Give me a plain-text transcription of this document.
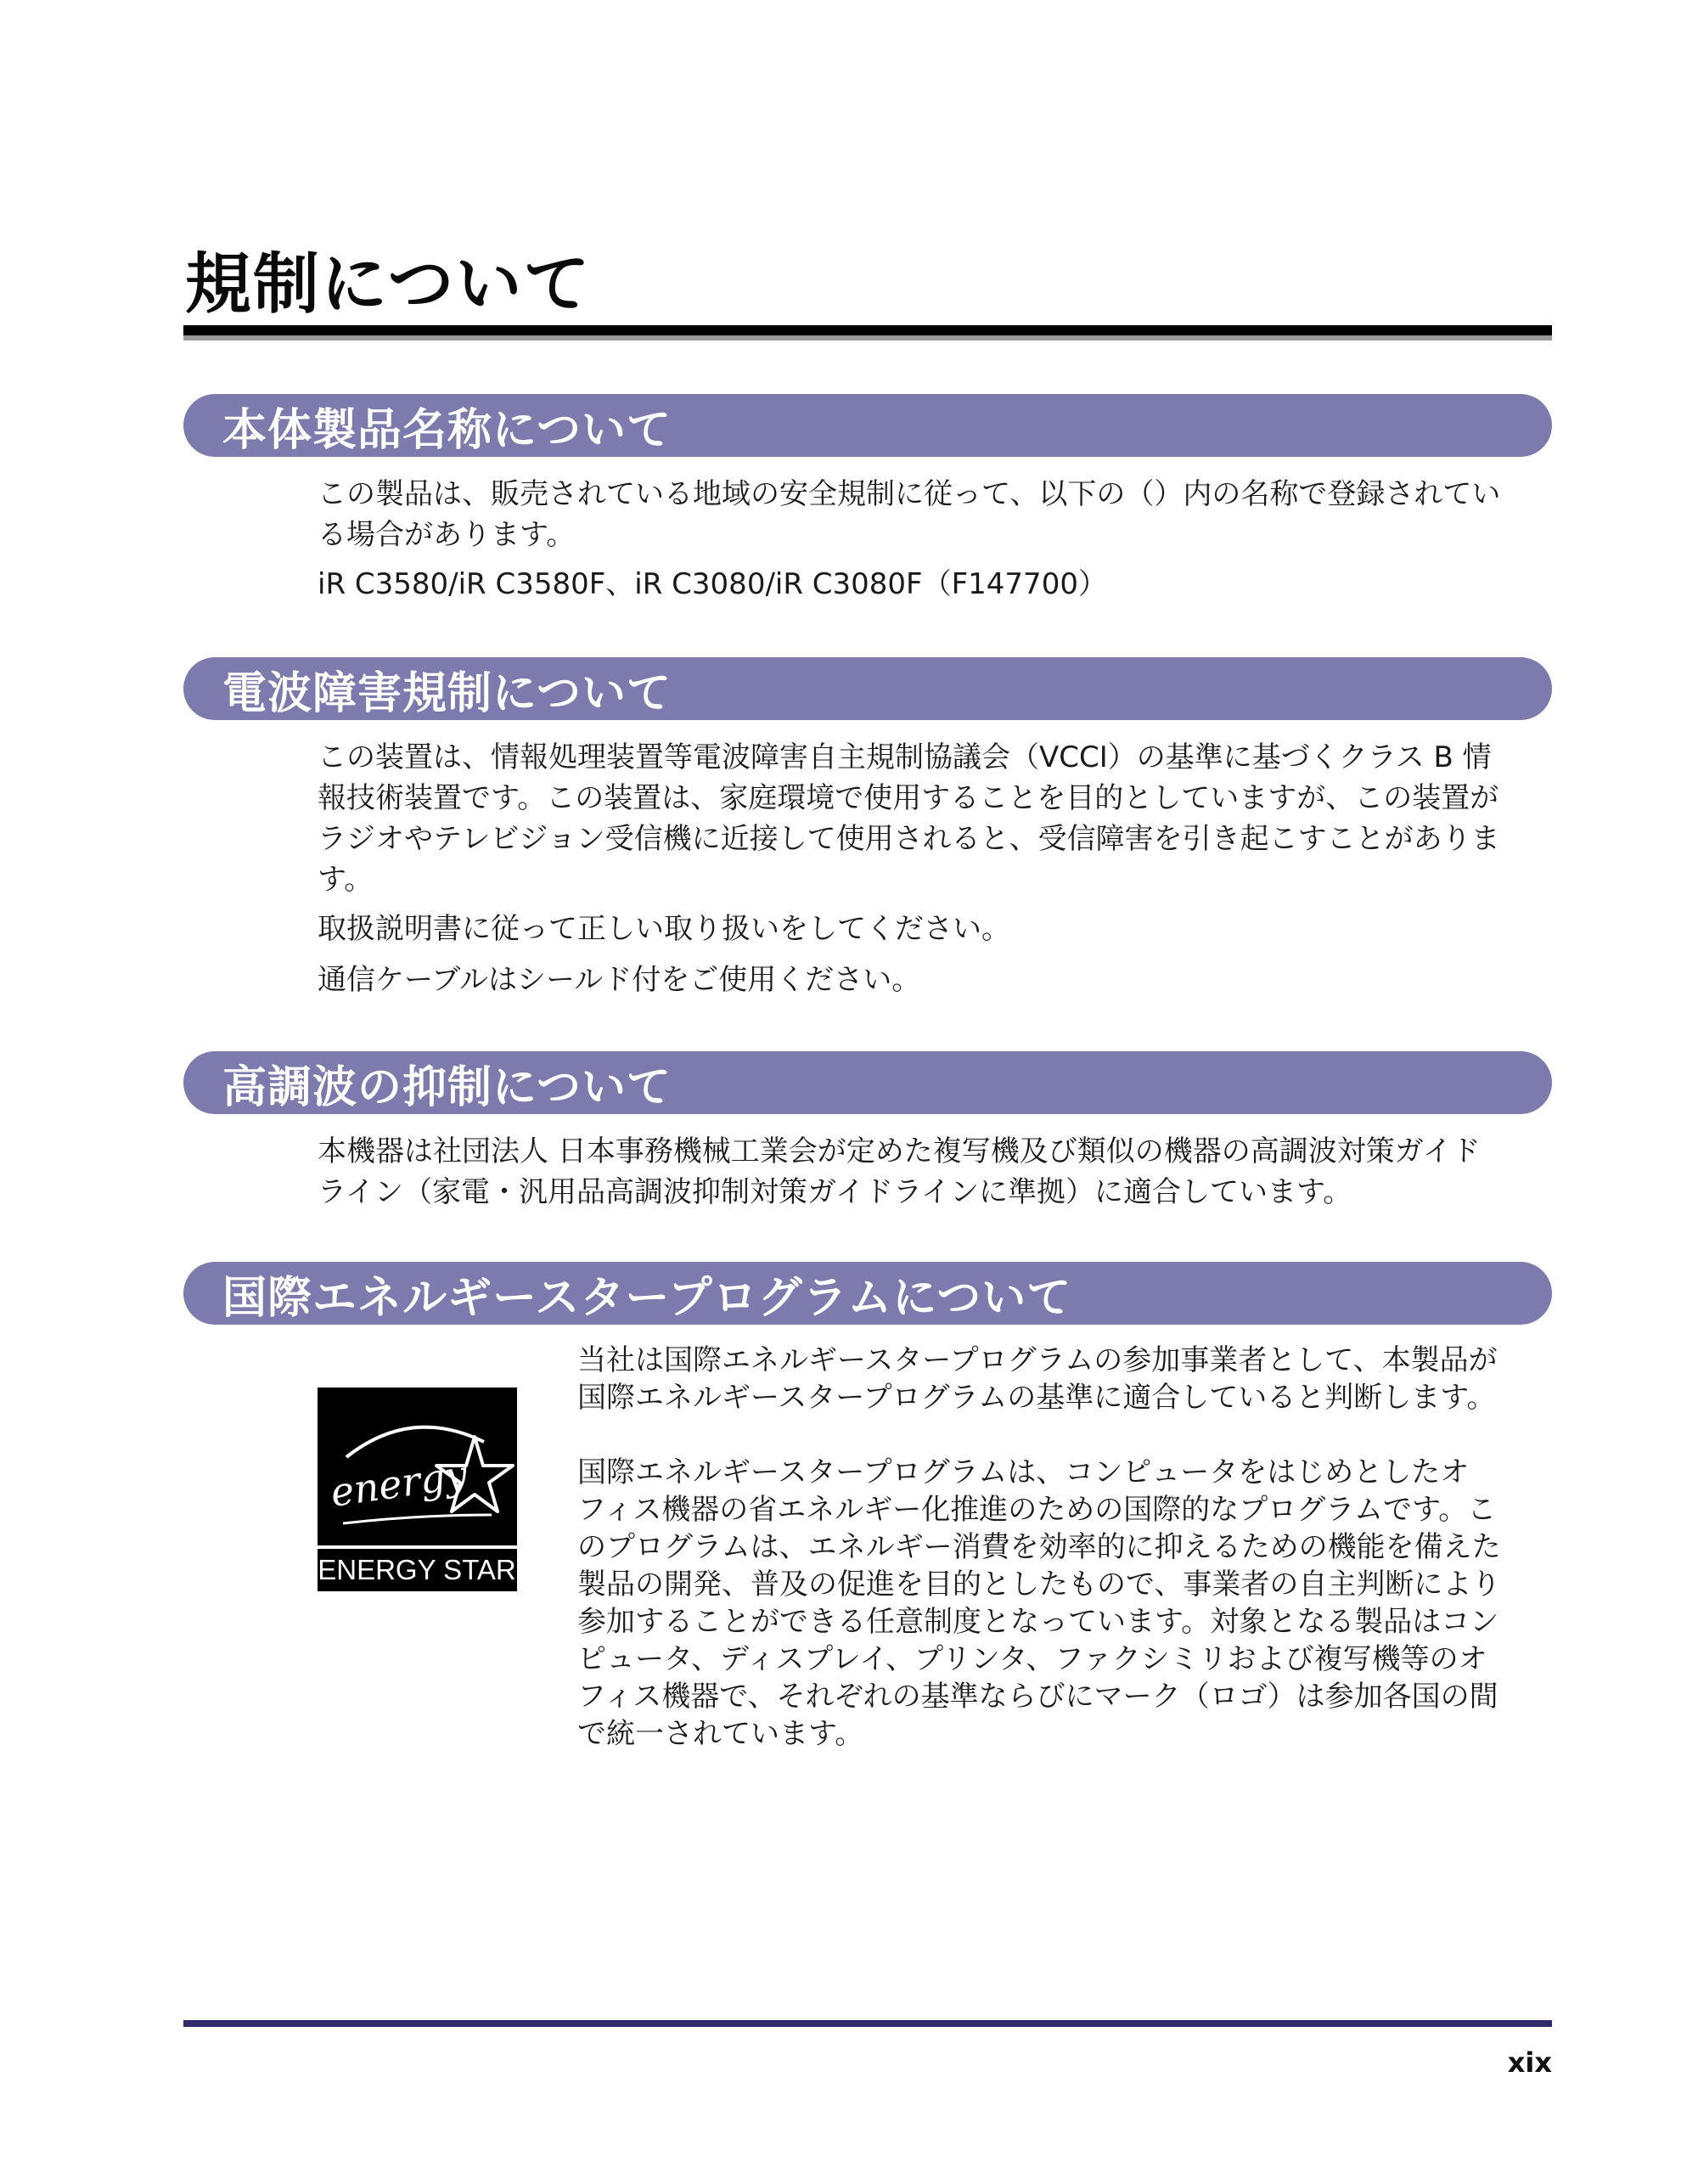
規制について
本体製品名称について

この製品は、販売されている地域の安全規制に従って、以下の（）内の名称で登録されてい

る場合があります。

iR C3580/iR C3580F、iR C3080/iR C3080F（F147700）

電波障害規制について

この装置は、情報処理装置等電波障害自主規制協議会（VCCI）の基準に基づくクラス B 情

報技術装置です。この装置は、家庭環境で使用することを目的としていますが、この装置が

ラジオやテレビジョン受信機に近接して使用されると、受信障害を引き起こすことがありま

す。

取扱説明書に従って正しい取り扱いをしてください。

通信ケーブルはシールド付をご使用ください。

高調波の抑制について

本機器は社団法人 日本事務機械工業会が定めた複写機及び類似の機器の高調波対策ガイド

ライン（家電・汎用品高調波抑制対策ガイドラインに準拠）に適合しています。

国際エネルギースタープログラムについて
energy
ENERGY STAR

当社は国際エネルギースタープログラムの参加事業者として、本製品が

国際エネルギースタープログラムの基準に適合していると判断します。

国際エネルギースタープログラムは、コンピュータをはじめとしたオ

フィス機器の省エネルギー化推進のための国際的なプログラムです。こ

のプログラムは、エネルギー消費を効率的に抑えるための機能を備えた

製品の開発、普及の促進を目的としたもので、事業者の自主判断により

参加することができる任意制度となっています。対象となる製品はコン

ピュータ、ディスプレイ、プリンタ、ファクシミリおよび複写機等のオ

フィス機器で、それぞれの基準ならびにマーク（ロゴ）は参加各国の間

で統一されています。

xix
